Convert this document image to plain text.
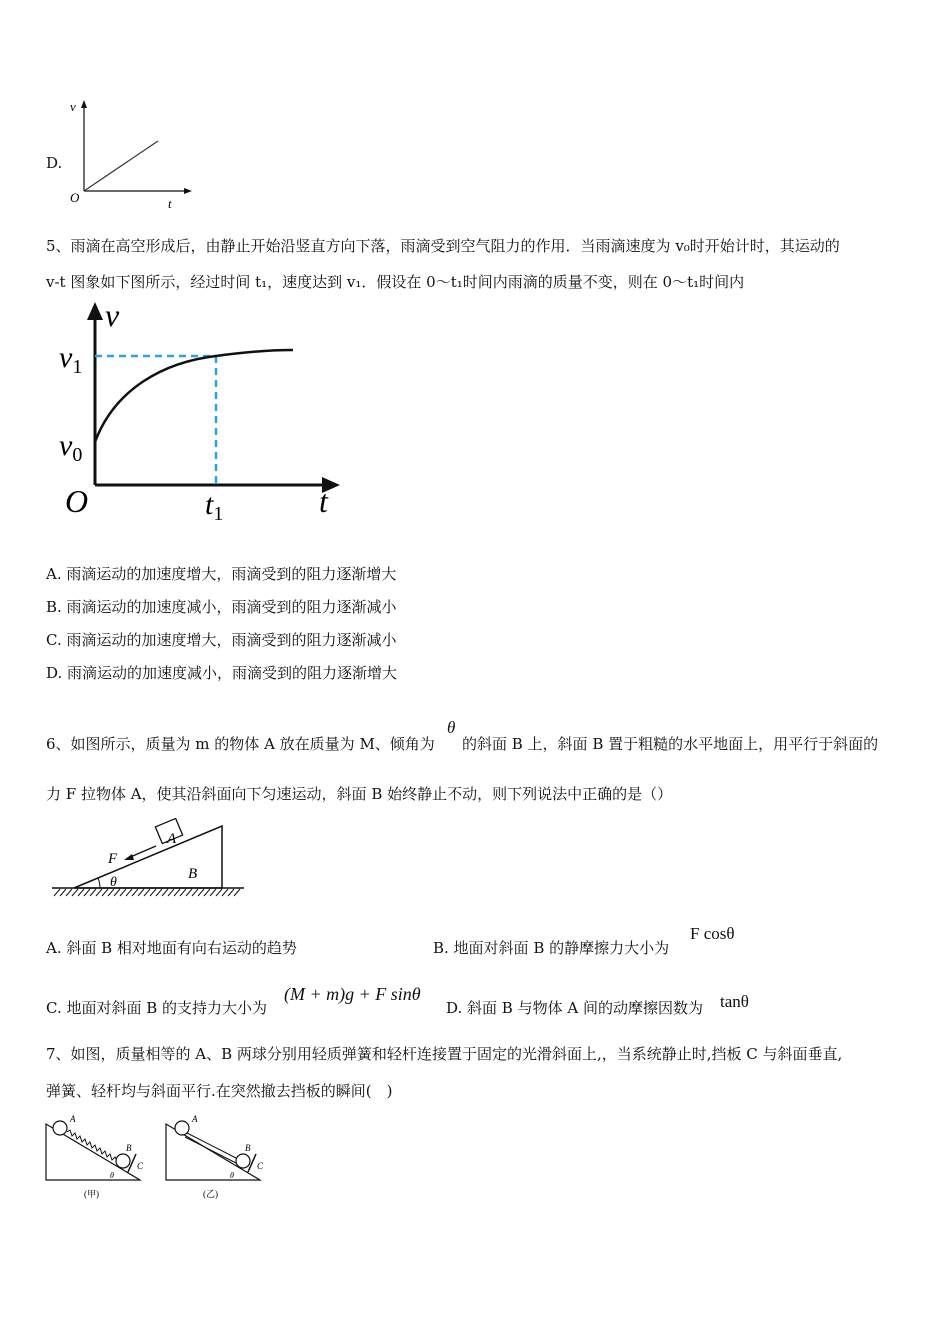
D.
v
O	t
5、雨滴在高空形成后，由静止开始沿竖直方向下落，雨滴受到空气阻力的作用．当雨滴速度为 v₀时开始计时，其运动的
v-t 图象如下图所示，经过时间 t₁，速度达到 v₁．假设在 0～t₁时间内雨滴的质量不变，则在 0～t₁时间内
v
$v_1$
$v_0$
O	$t_1$	t
A. 雨滴运动的加速度增大，雨滴受到的阻力逐渐增大
B. 雨滴运动的加速度减小，雨滴受到的阻力逐渐减小
C. 雨滴运动的加速度增大，雨滴受到的阻力逐渐减小
D. 雨滴运动的加速度减小，雨滴受到的阻力逐渐增大
6、如图所示，质量为 m 的物体 A 放在质量为 M、倾角为
θ
的斜面 B 上，斜面 B 置于粗糙的水平地面上，用平行于斜面的
力 F 拉物体 A，使其沿斜面向下匀速运动，斜面 B 始终静止不动，则下列说法中正确的是（）
A
B
F
θ
A. 斜面 B 相对地面有向右运动的趋势	B. 地面对斜面 B 的静摩擦力大小为
F cosθ
C. 地面对斜面 B 的支持力大小为
(M + m)g + F sinθ
D. 斜面 B 与物体 A 间的动摩擦因数为 tanθ
7、如图，质量相等的 A、B 两球分别用轻质弹簧和轻杆连接置于固定的光滑斜面上,，当系统静止时,挡板 C 与斜面垂直,
弹簧、轻杆均与斜面平行.在突然撤去挡板的瞬间(　)
A
B
C
θ
(甲)
A
B
C
θ
(乙)
